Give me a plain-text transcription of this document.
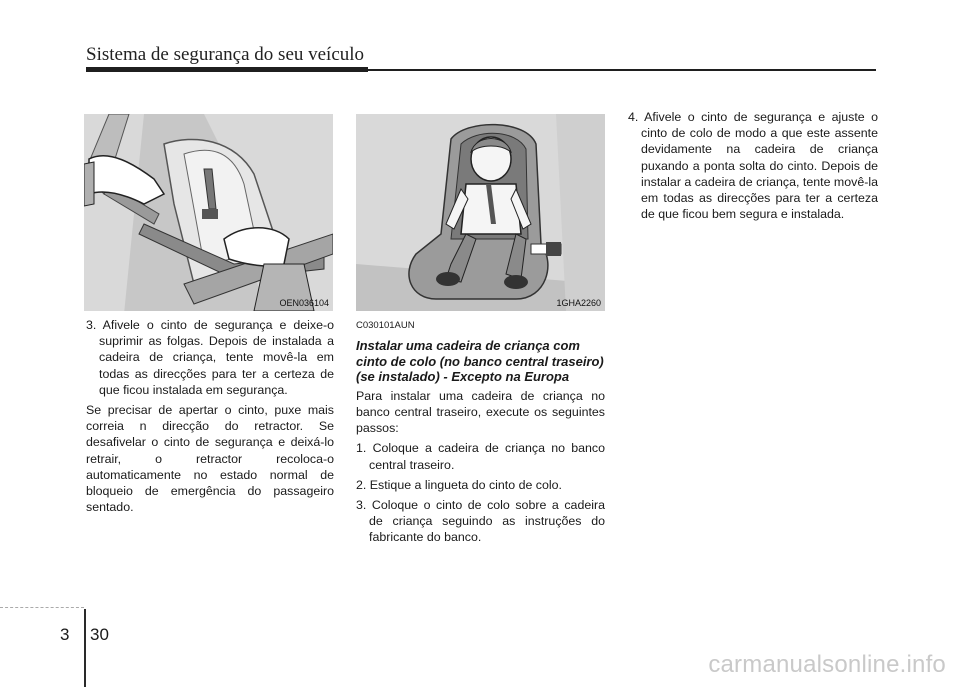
Sistema de segurança do seu veículo
OEN036104	1GHA2260

3. Afivele o cinto de segurança e deixe-o suprimir as folgas. Depois de instalada a cadeira de criança, tente movê-la em todas as direcções para ter a certeza de que ficou instalada em segurança.

Se precisar de apertar o cinto, puxe mais correia n direcção do retractor. Se desafivelar o cinto de segurança e deixá-lo retrair, o retractor recoloca-o automaticamente no estado normal de bloqueio de emergência do passageiro sentado.

C030101AUN

Instalar uma cadeira de criança com cinto de colo (no banco central traseiro) (se instalado) - Excepto na Europa

Para instalar uma cadeira de criança no banco central traseiro, execute os seguintes passos:

1. Coloque a cadeira de criança no banco central traseiro.

2. Estique a lingueta do cinto de colo.

3. Coloque o cinto de colo sobre a cadeira de criança seguindo as instruções do fabricante do banco.

4. Afivele o cinto de segurança e ajuste o cinto de colo de modo a que este assente devidamente na cadeira de criança puxando a ponta solta do cinto. Depois de instalar a cadeira de criança, tente movê-la em todas as direcções para ter a certeza de que ficou bem segura e instalada.

3 30
carmanualsonline.info
